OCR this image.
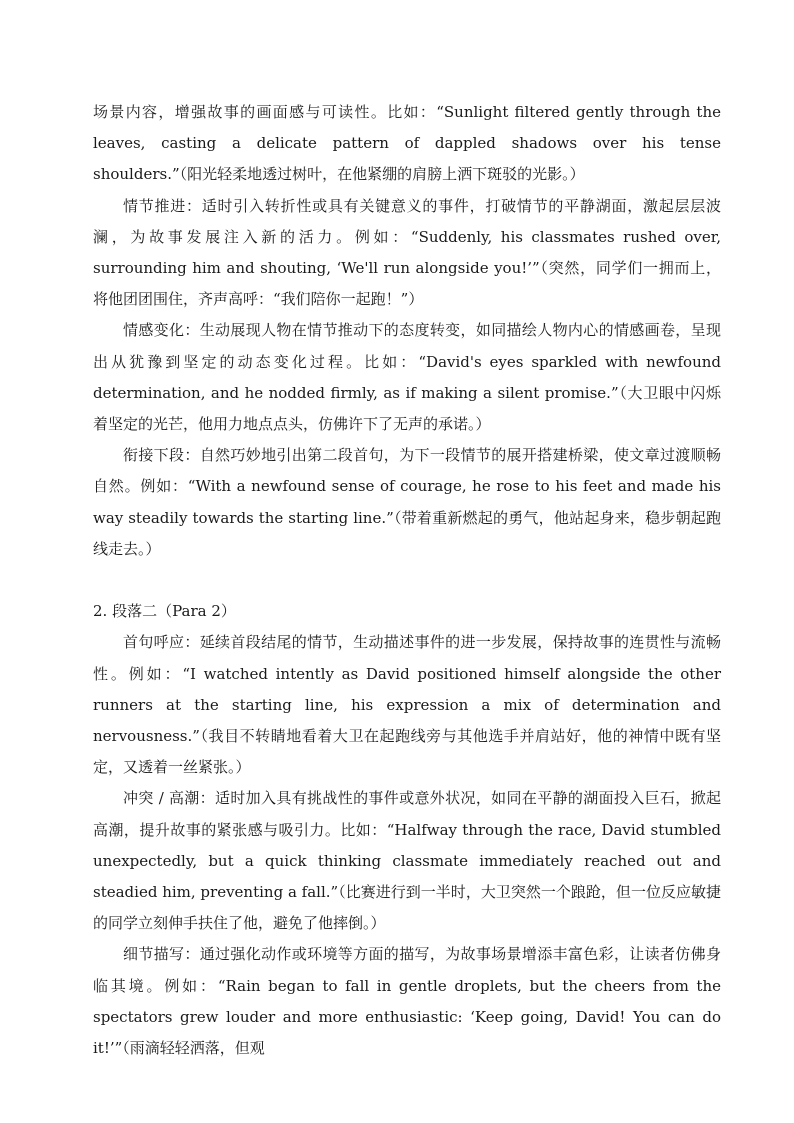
场景内容，增强故事的画面感与可读性。比如：“Sunlight filtered gently through the leaves, casting a delicate pattern of dappled shadows over his tense shoulders.”（阳光轻柔地透过树叶，在他紧绷的肩膀上洒下斑驳的光影。）

情节推进：适时引入转折性或具有关键意义的事件，打破情节的平静湖面，激起层层波澜，为故事发展注入新的活力。例如：“Suddenly, his classmates rushed over, surrounding him and shouting, ‘We'll run alongside you!’”（突然，同学们一拥而上，将他团团围住，齐声高呼：“我们陪你一起跑！”）

情感变化：生动展现人物在情节推动下的态度转变，如同描绘人物内心的情感画卷，呈现出从犹豫到坚定的动态变化过程。比如：“David's eyes sparkled with newfound determination, and he nodded firmly, as if making a silent promise.”（大卫眼中闪烁着坚定的光芒，他用力地点点头，仿佛许下了无声的承诺。）

衔接下段：自然巧妙地引出第二段首句，为下一段情节的展开搭建桥梁，使文章过渡顺畅自然。例如：“With a newfound sense of courage, he rose to his feet and made his way steadily towards the starting line.”（带着重新燃起的勇气，他站起身来，稳步朝起跑线走去。）

2. 段落二（Para 2）

首句呼应：延续首段结尾的情节，生动描述事件的进一步发展，保持故事的连贯性与流畅性。例如：“I watched intently as David positioned himself alongside the other runners at the starting line, his expression a mix of determination and nervousness.”（我目不转睛地看着大卫在起跑线旁与其他选手并肩站好，他的神情中既有坚定，又透着一丝紧张。）

冲突 / 高潮：适时加入具有挑战性的事件或意外状况，如同在平静的湖面投入巨石，掀起高潮，提升故事的紧张感与吸引力。比如：“Halfway through the race, David stumbled unexpectedly, but a quick thinking classmate immediately reached out and steadied him, preventing a fall.”（比赛进行到一半时，大卫突然一个踉跄，但一位反应敏捷的同学立刻伸手扶住了他，避免了他摔倒。）

细节描写：通过强化动作或环境等方面的描写，为故事场景增添丰富色彩，让读者仿佛身临其境。例如：“Rain began to fall in gentle droplets, but the cheers from the spectators grew louder and more enthusiastic: ‘Keep going, David! You can do it!’”（雨滴轻轻洒落，但观
